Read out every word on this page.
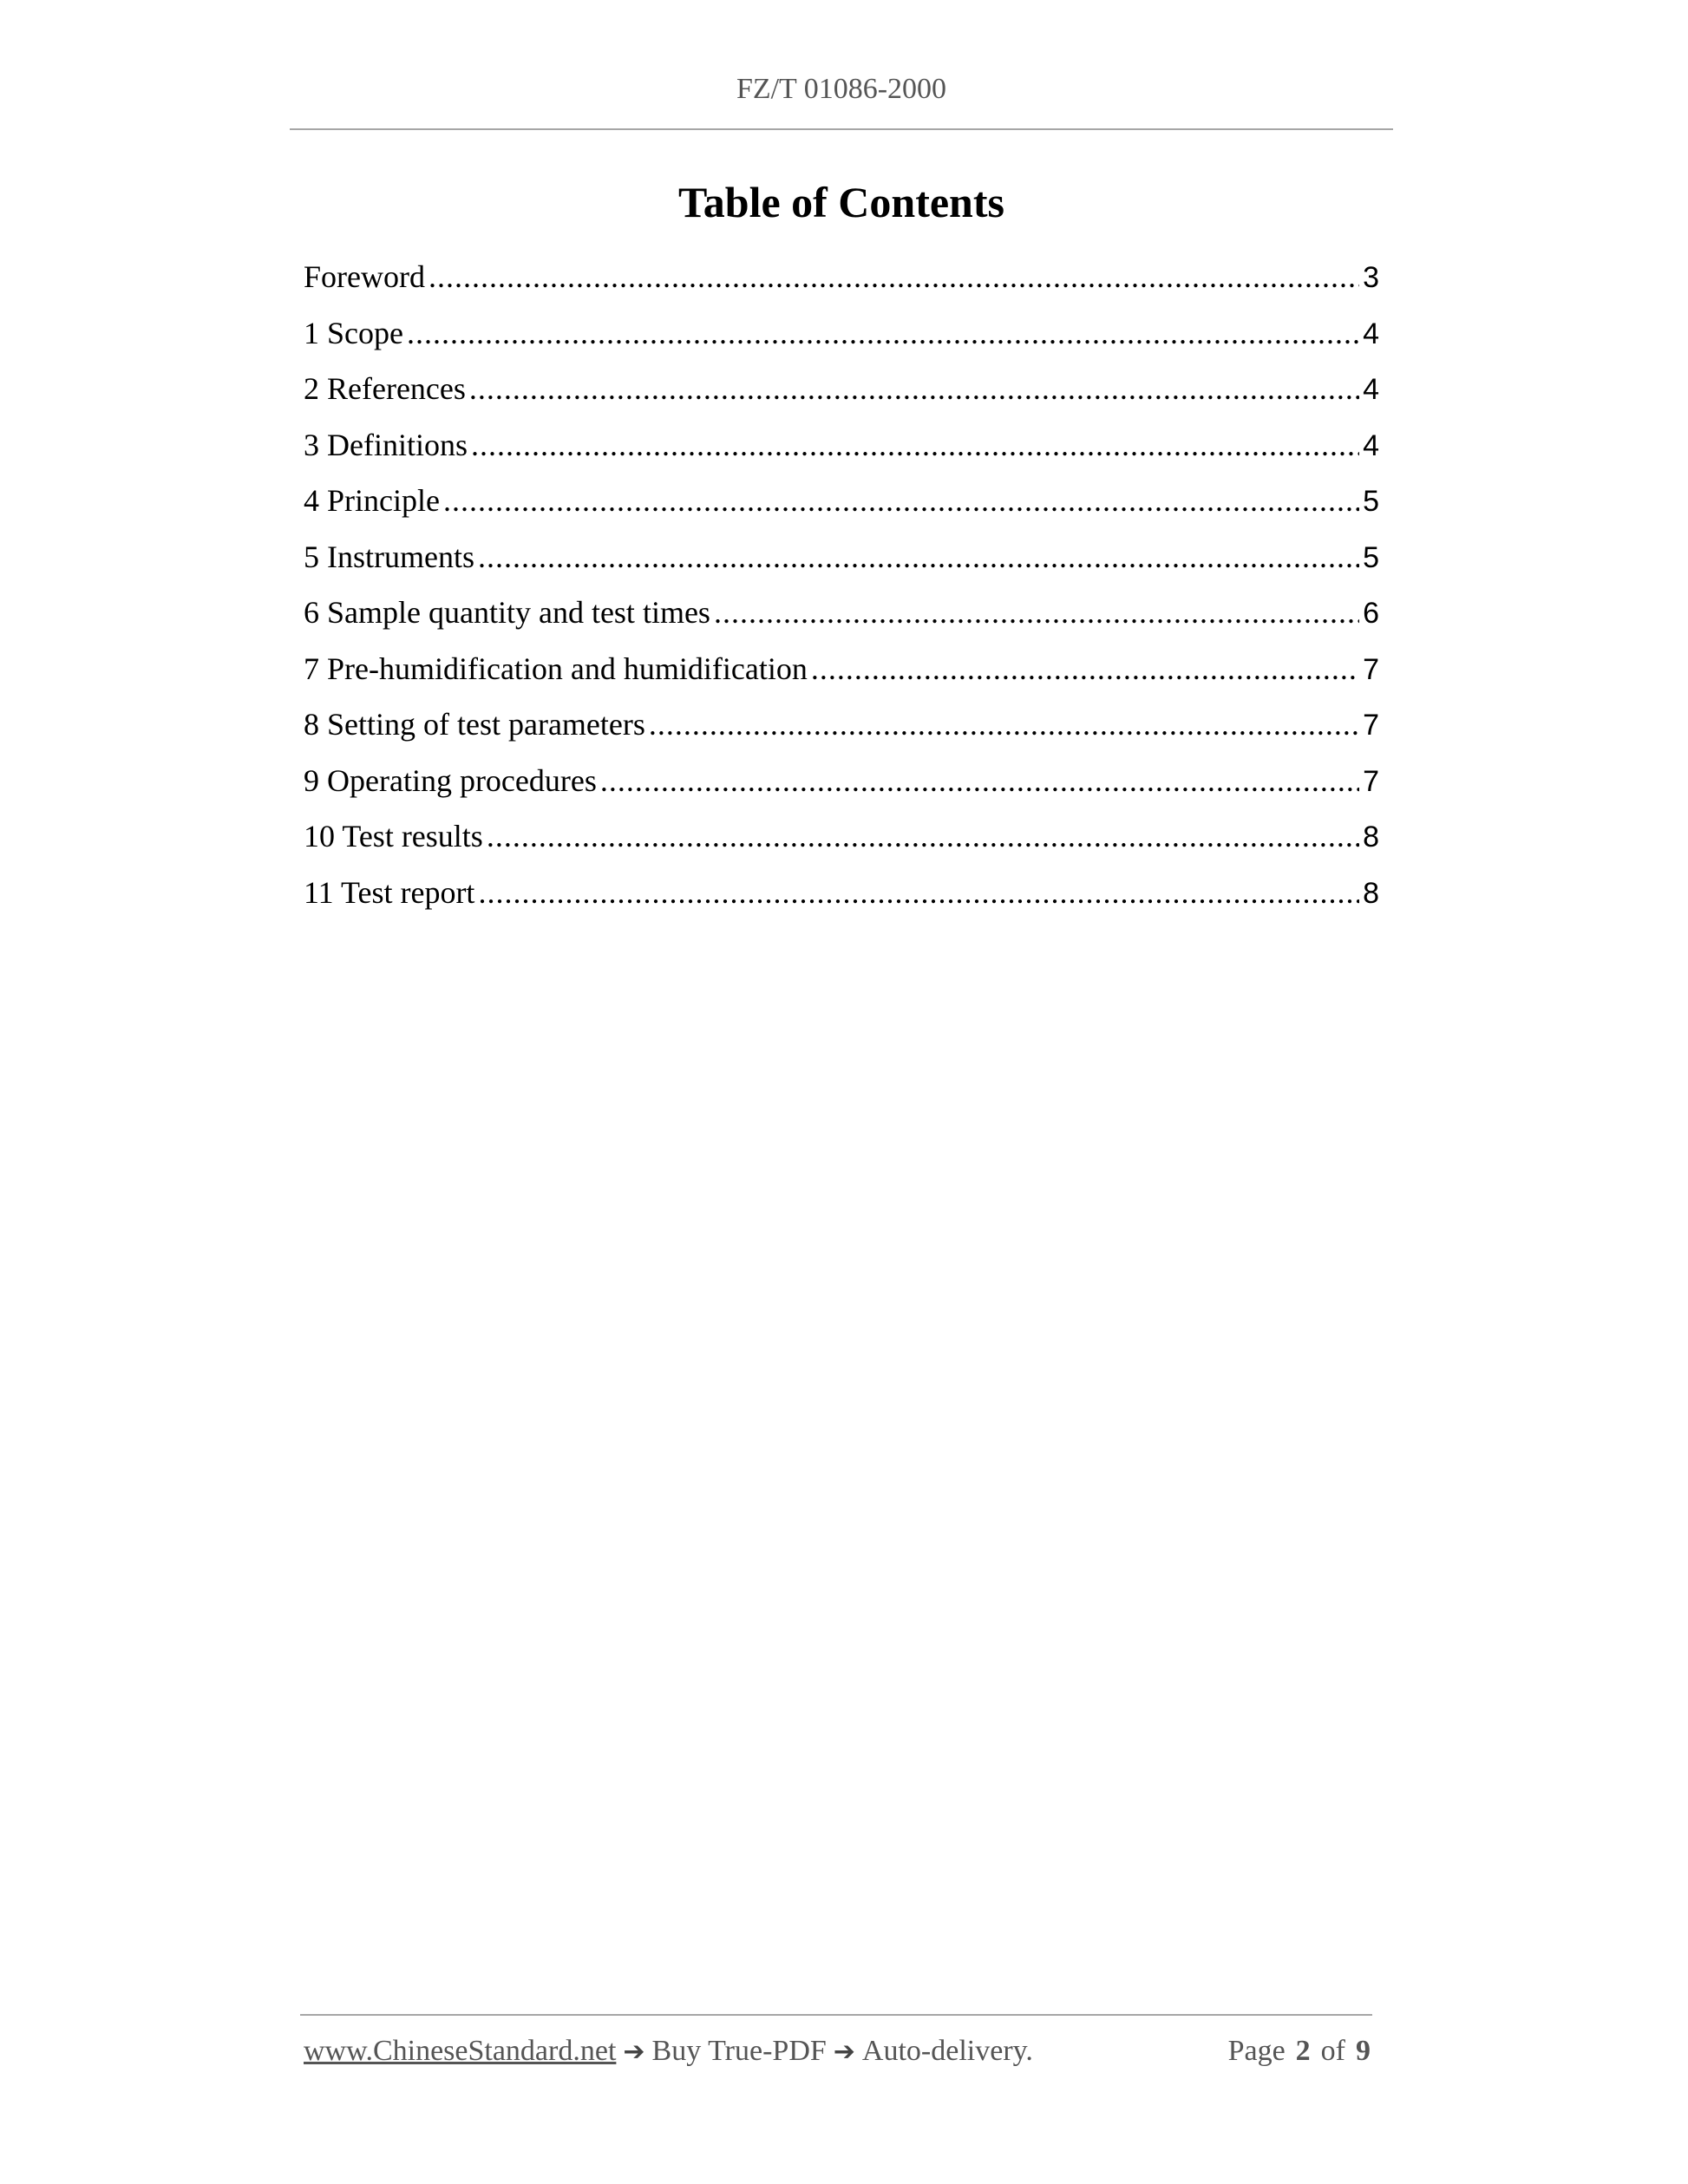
FZ/T 01086-2000
Table of Contents
Foreword .....	3
1 Scope .....	4
2 References .....	4
3 Definitions .....	4
4 Principle .....	5
5 Instruments .....	5
6 Sample quantity and test times .....	6
7 Pre-humidification and humidification .....	7
8 Setting of test parameters .....	7
9 Operating procedures .....	7
10 Test results .....	8
11 Test report .....	8
www.ChineseStandard.net ➔ Buy True-PDF ➔ Auto-delivery.	Page 2 of 9
